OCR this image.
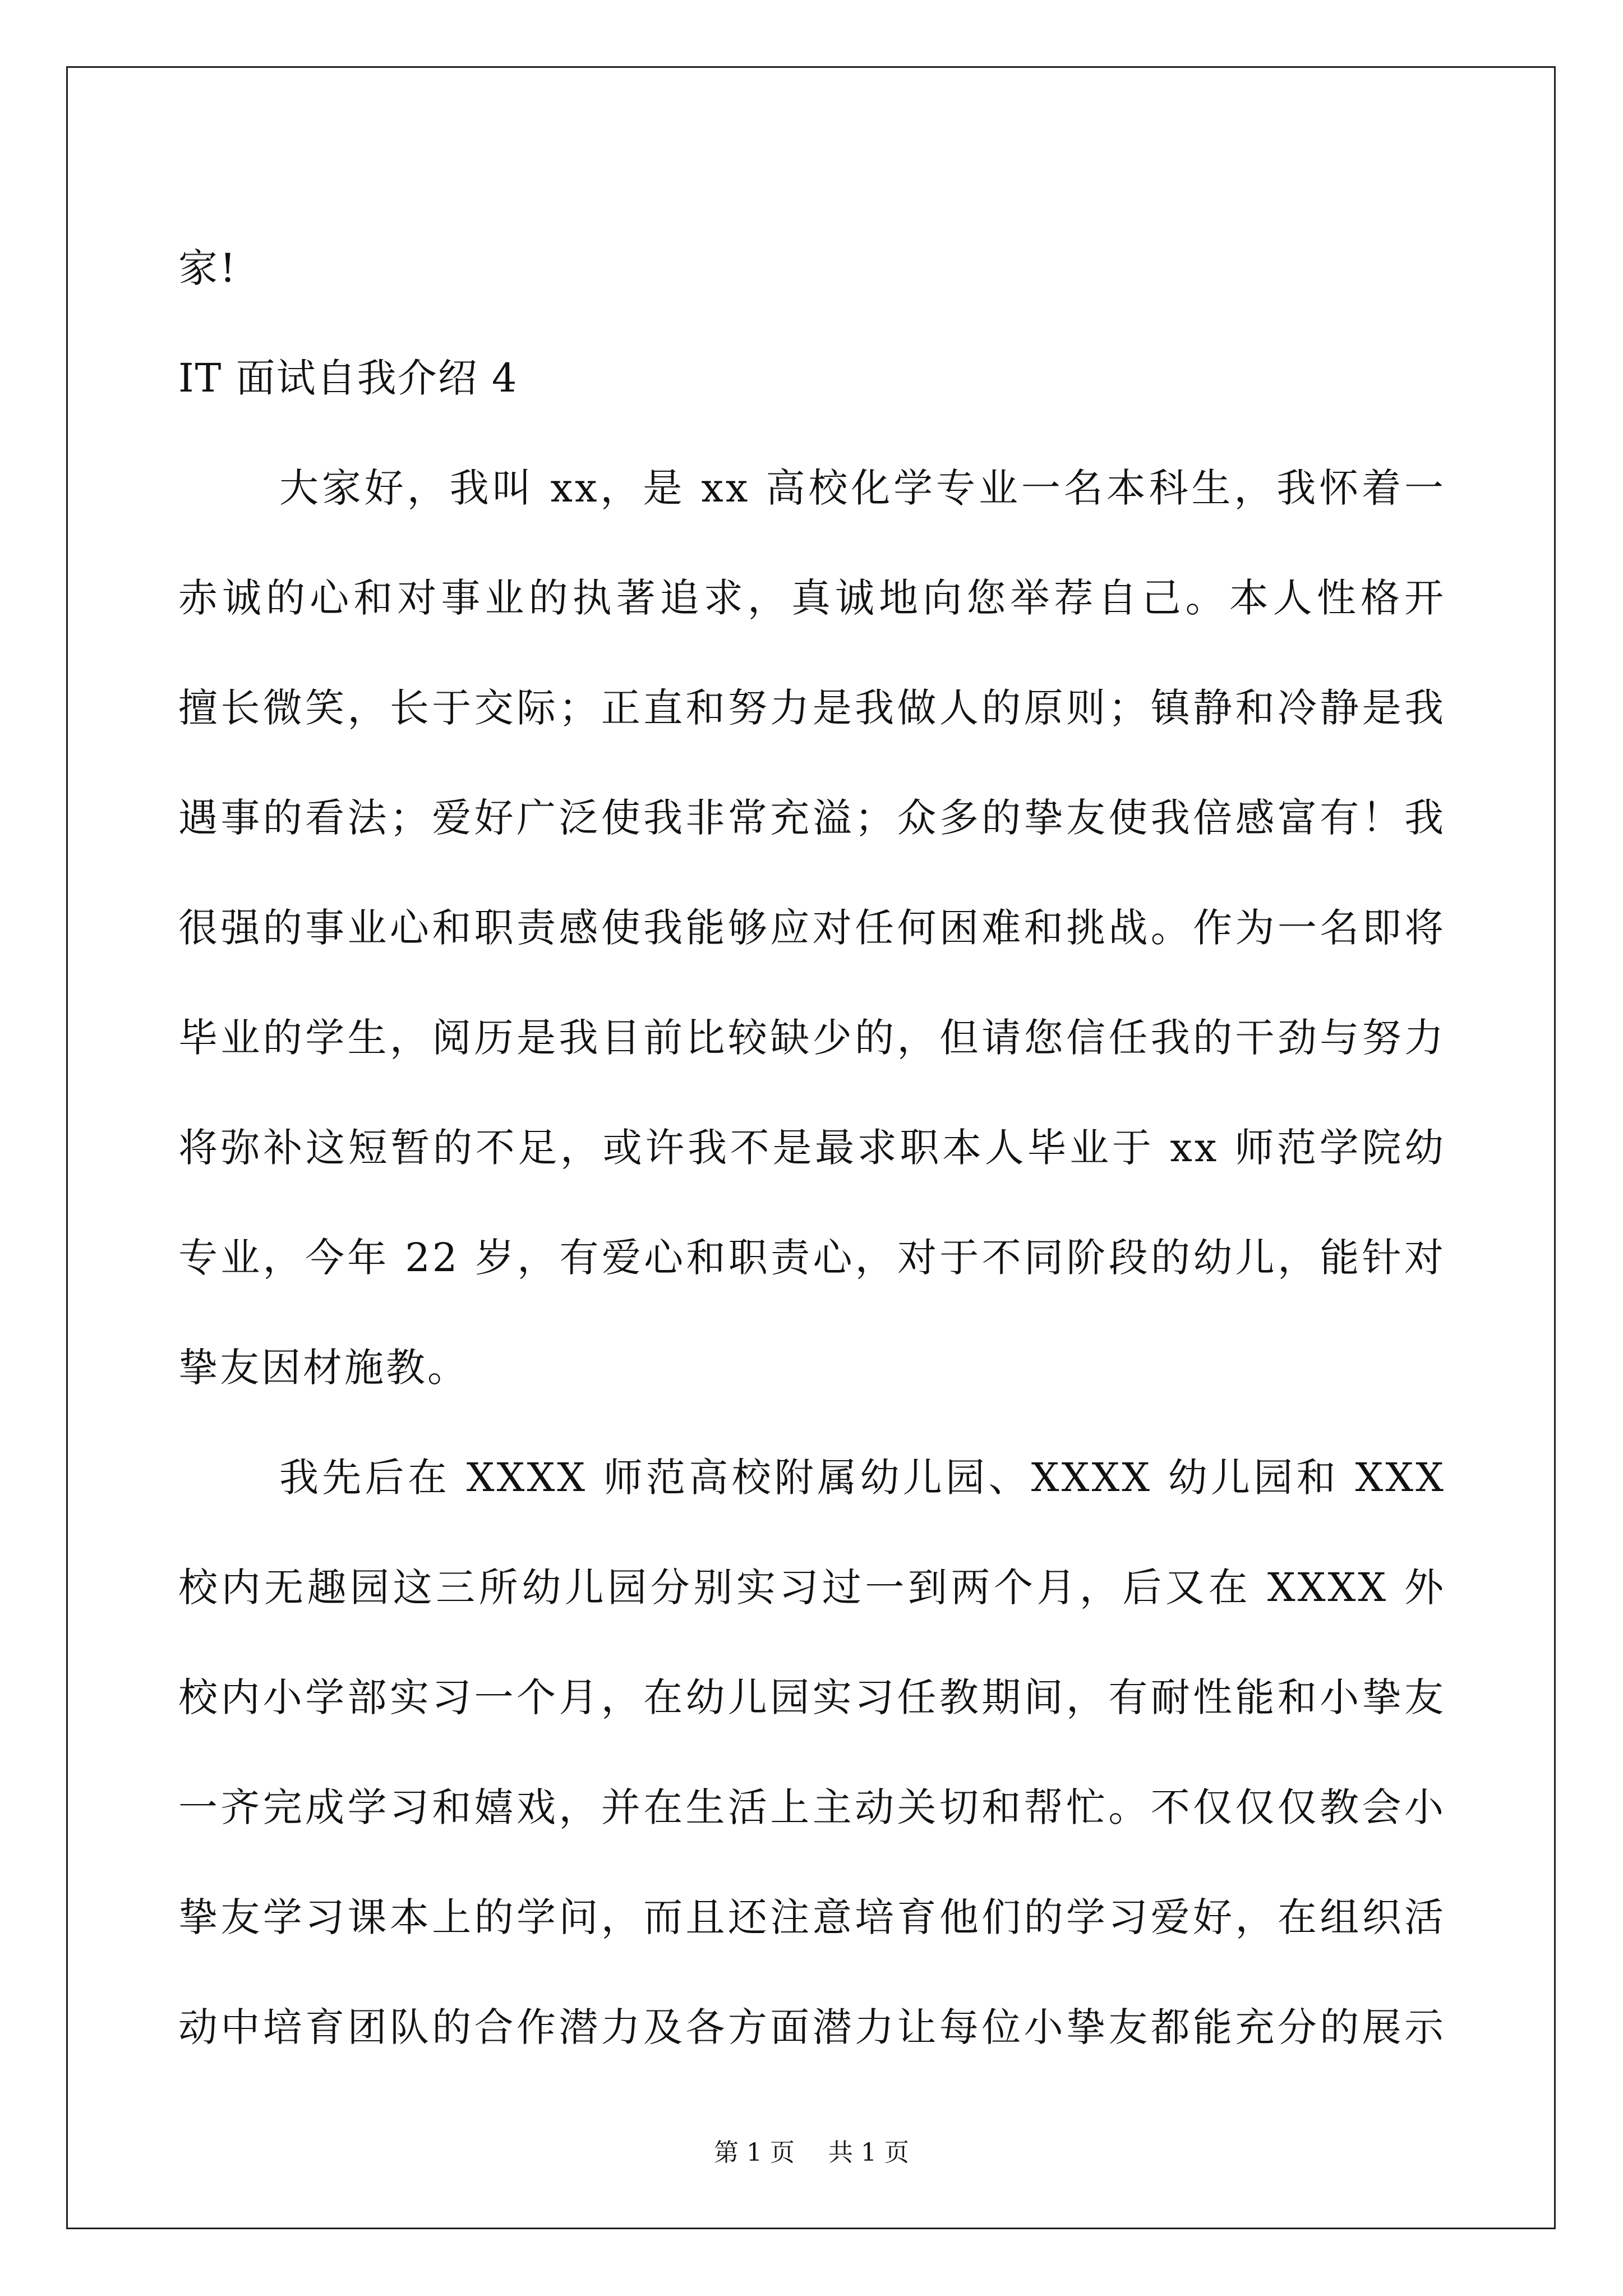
家!
IT 面试自我介绍 4
大家好，我叫 xx，是 xx 高校化学专业一名本科生，我怀着一
赤诚的心和对事业的执著追求，真诚地向您举荐自己。本人性格开
擅长微笑，长于交际；正直和努力是我做人的原则；镇静和冷静是我
遇事的看法；爱好广泛使我非常充溢；众多的挚友使我倍感富有！我
很强的事业心和职责感使我能够应对任何困难和挑战。作为一名即将
毕业的学生，阅历是我目前比较缺少的，但请您信任我的干劲与努力
将弥补这短暂的不足，或许我不是最求职本人毕业于 xx 师范学院幼
专业，今年 22 岁，有爱心和职责心，对于不同阶段的幼儿，能针对
挚友因材施教。
我先后在 XXXX 师范高校附属幼儿园、XXXX 幼儿园和 XXX
校内无趣园这三所幼儿园分别实习过一到两个月，后又在 XXXX 外
校内小学部实习一个月，在幼儿园实习任教期间，有耐性能和小挚友
一齐完成学习和嬉戏，并在生活上主动关切和帮忙。不仅仅仅教会小
挚友学习课本上的学问，而且还注意培育他们的学习爱好，在组织活
动中培育团队的合作潜力及各方面潜力让每位小挚友都能充分的展示
第 1 页 共 1 页
